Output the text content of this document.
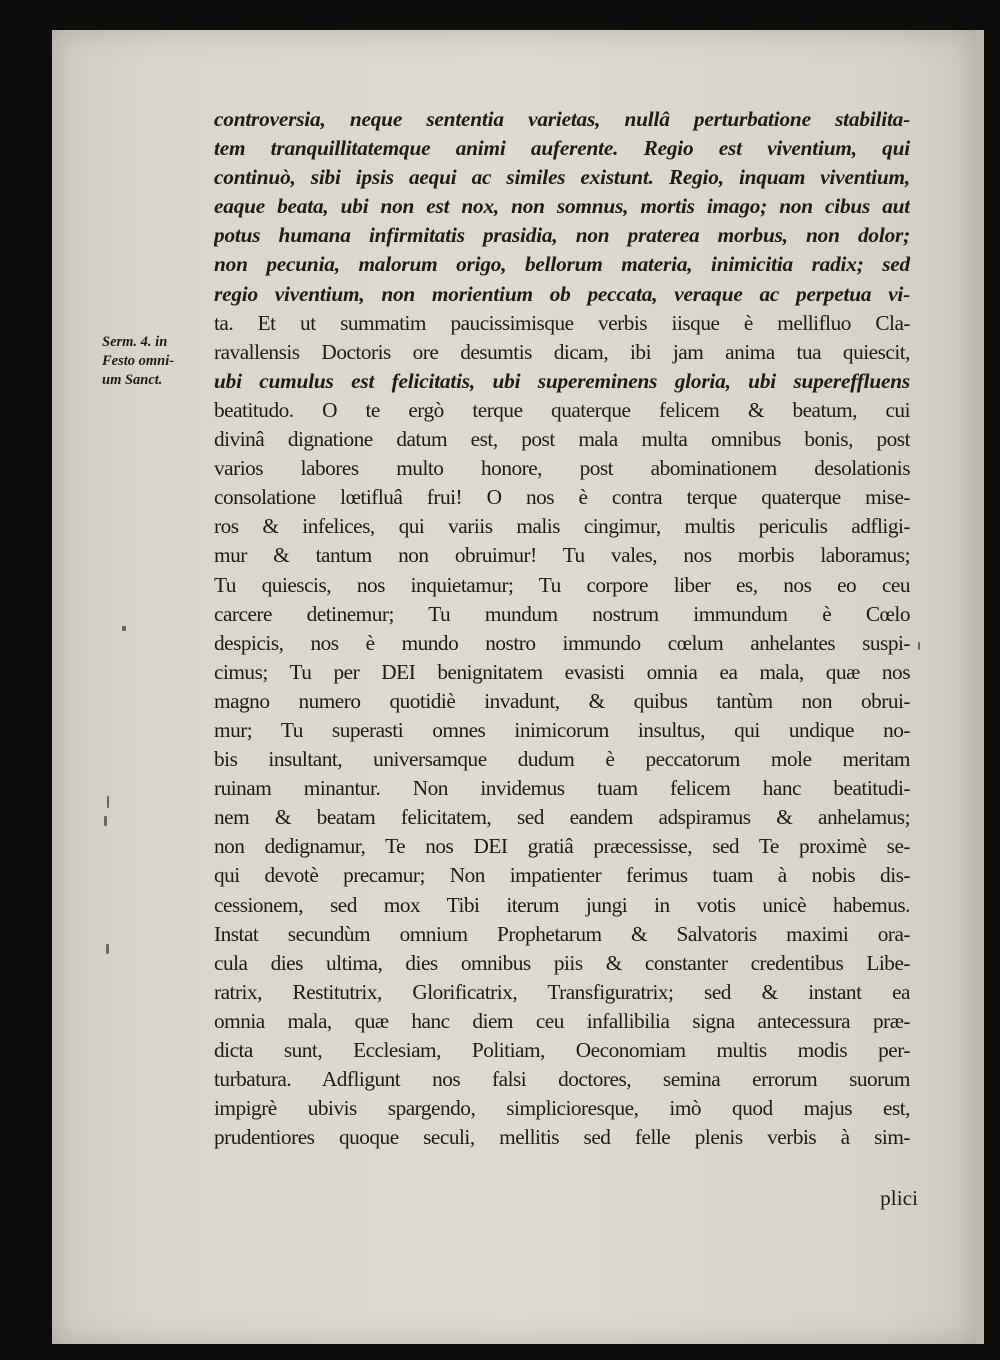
Serm. 4. in
Festo omni-
um Sanct.
controversia, neque sententia varietas, nullâ perturbatione stabilita-
tem tranquillitatemque animi auferente. Regio est viventium, qui
continuò, sibi ipsis aequi ac similes existunt. Regio, inquam viventium,
eaque beata, ubi non est nox, non somnus, mortis imago; non cibus aut
potus humana infirmitatis prasidia, non praterea morbus, non dolor;
non pecunia, malorum origo, bellorum materia, inimicitia radix; sed
regio viventium, non morientium ob peccata, veraque ac perpetua vi-
ta. Et ut summatim paucissimisque verbis iisque è mellifluo Cla-
ravallensis Doctoris ore desumtis dicam, ibi jam anima tua quiescit,
ubi cumulus est felicitatis, ubi supereminens gloria, ubi supereffluens
beatitudo. O te ergò terque quaterque felicem & beatum, cui
divinâ dignatione datum est, post mala multa omnibus bonis, post
varios labores multo honore, post abominationem desolationis
consolatione lœtifluâ frui! O nos è contra terque quaterque mise-
ros & infelices, qui variis malis cingimur, multis periculis adfligi-
mur & tantum non obruimur! Tu vales, nos morbis laboramus;
Tu quiescis, nos inquietamur; Tu corpore liber es, nos eo ceu
carcere detinemur; Tu mundum nostrum immundum è Cœlo
despicis, nos è mundo nostro immundo cœlum anhelantes suspi-
cimus; Tu per DEI benignitatem evasisti omnia ea mala, quæ nos
magno numero quotidiè invadunt, & quibus tantùm non obrui-
mur; Tu superasti omnes inimicorum insultus, qui undique no-
bis insultant, universamque dudum è peccatorum mole meritam
ruinam minantur. Non invidemus tuam felicem hanc beatitudi-
nem & beatam felicitatem, sed eandem adspiramus & anhelamus;
non dedignamur, Te nos DEI gratiâ præcessisse, sed Te proximè se-
qui devotè precamur; Non impatienter ferimus tuam à nobis dis-
cessionem, sed mox Tibi iterum jungi in votis unicè habemus.
Instat secundùm omnium Prophetarum & Salvatoris maximi ora-
cula dies ultima, dies omnibus piis & constanter credentibus Libe-
ratrix, Restitutrix, Glorificatrix, Transfiguratrix; sed & instant ea
omnia mala, quæ hanc diem ceu infallibilia signa antecessura præ-
dicta sunt, Ecclesiam, Politiam, Oeconomiam multis modis per-
turbatura. Adfligunt nos falsi doctores, semina errorum suorum
impigrè ubivis spargendo, simplicioresque, imò quod majus est,
prudentiores quoque seculi, mellitis sed felle plenis verbis à sim-
plici
